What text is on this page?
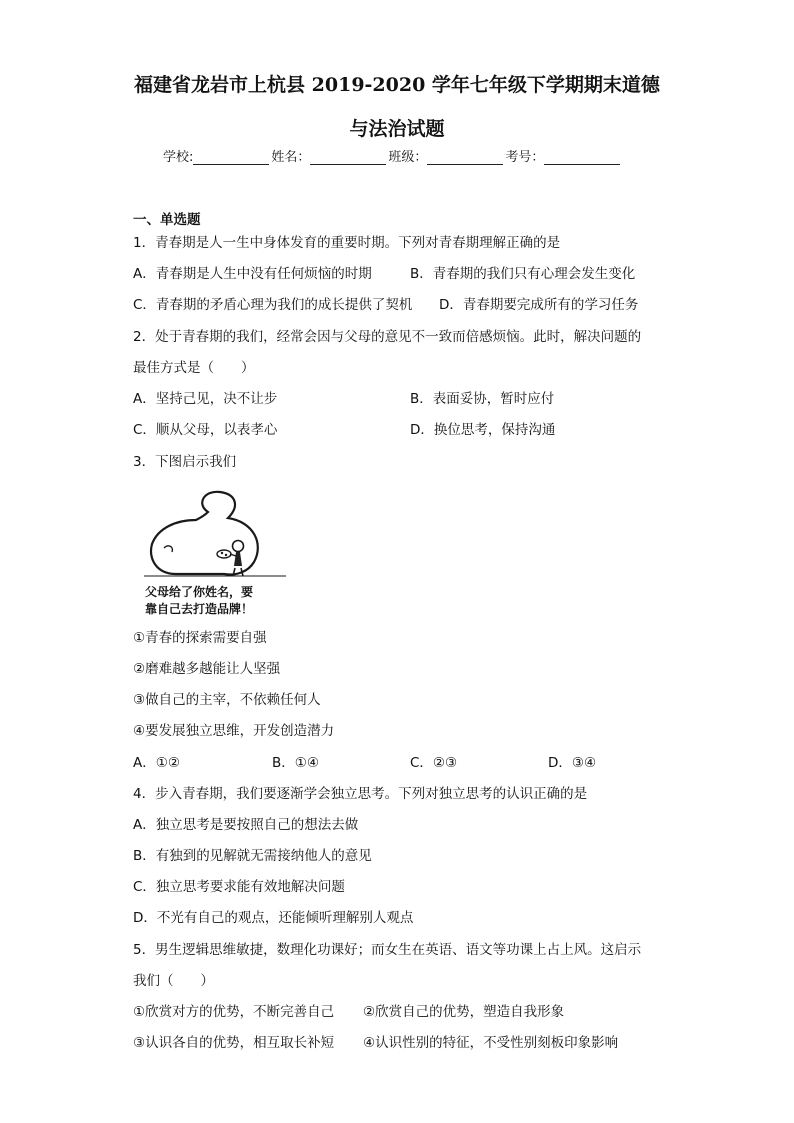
福建省龙岩市上杭县 2019-2020 学年七年级下学期期末道德
与法治试题
学校:	姓名：	班级：	考号：
一、单选题
1．青春期是人一生中身体发育的重要时期。下列对青春期理解正确的是
A．青春期是人生中没有任何烦恼的时期	B．青春期的我们只有心理会发生变化
C．青春期的矛盾心理为我们的成长提供了契机 D．青春期要完成所有的学习任务
2．处于青春期的我们，经常会因与父母的意见不一致而倍感烦恼。此时，解决问题的
最佳方式是（　　）
A．坚持己见，决不让步	B．表面妥协，暂时应付
C．顺从父母，以表孝心	D．换位思考，保持沟通
3．下图启示我们
父母给了你姓名，要
靠自己去打造品牌！
①青春的探索需要自强
②磨难越多越能让人坚强
③做自己的主宰，不依赖任何人
④要发展独立思维，开发创造潜力
A．①②	B．①④	C．②③	D．③④
4．步入青春期，我们要逐渐学会独立思考。下列对独立思考的认识正确的是
A．独立思考是要按照自己的想法去做
B．有独到的见解就无需接纳他人的意见
C．独立思考要求能有效地解决问题
D．不光有自己的观点，还能倾听理解别人观点
5．男生逻辑思维敏捷，数理化功课好；而女生在英语、语文等功课上占上风。这启示
我们（　　）
①欣赏对方的优势，不断完善自己 ②欣赏自己的优势，塑造自我形象
③认识各自的优势，相互取长补短 ④认识性别的特征，不受性别刻板印象影响
